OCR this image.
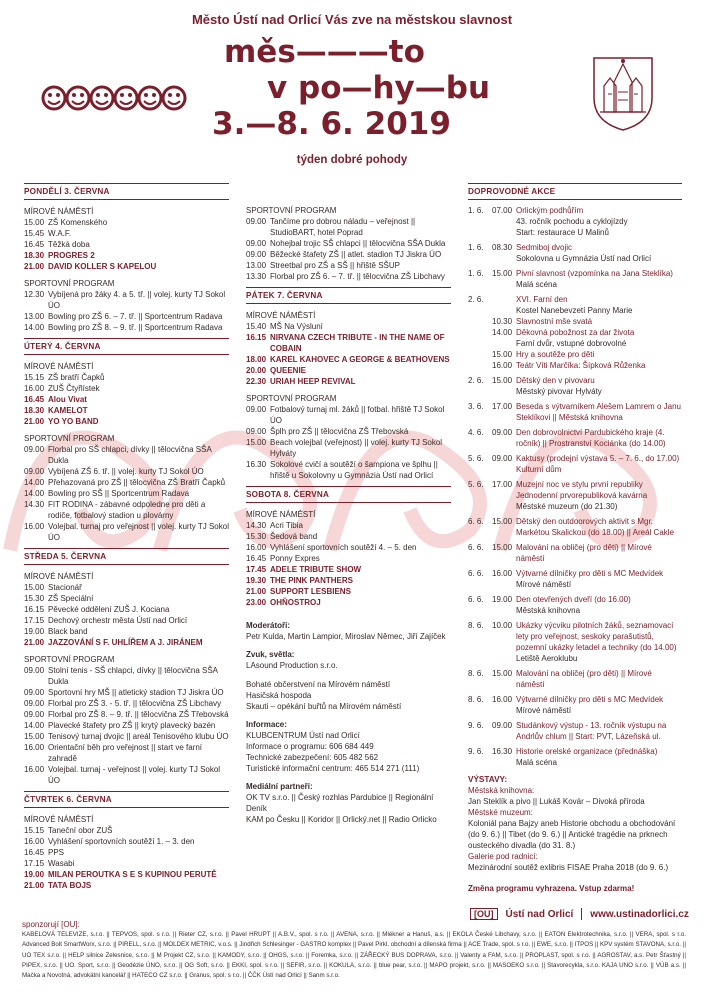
Město Ústí nad Orlicí Vás zve na městskou slavnost
měs———to
v po—hy—bu
3.—8. 6. 2019
týden dobré pohody
PONDĚLÍ 3. ČERVNA
MÍROVÉ NÁMĚSTÍ
15.00 ZŠ Komenského
15.45 W.A.F.
16.45 Těžká doba
18.30 PROGRES 2
21.00 DAVID KOLLER S KAPELOU
SPORTOVNÍ PROGRAM
12.30 Vybíjená pro žáky 4. a 5. tř. || volej. kurty TJ Sokol ÚO
13.00 Bowling pro ZŠ 6. – 7. tř. || Sportcentrum Radava
14.00 Bowling pro ZŠ 8. – 9. tř. || Sportcentrum Radava
ÚTERÝ 4. ČERVNA
MÍROVÉ NÁMĚSTÍ
15.15 ZŠ bratří Čapků
16.00 ZUŠ Čtyřlístek
16.45 Alou Vivat
18.30 KAMELOT
21.00 YO YO BAND
SPORTOVNÍ PROGRAM
09.00 Florbal pro SŠ chlapci, dívky || tělocvična SŠA Dukla
09.00 Vybíjená ZŠ 6. tř. || volej. kurty TJ Sokol ÚO
14.00 Přehazovaná pro ZŠ || tělocvična ZŠ Bratří Čapků
14.00 Bowling pro SŠ || Sportcentrum Radava
14.30 FIT RODINA - zábavné odpoledne pro děti a rodiče, fotbalový stadion u plovárny
16.00 Volejbal. turnaj pro veřejnost || volej. kurty TJ Sokol ÚO
STŘEDA 5. ČERVNA
MÍROVÉ NÁMĚSTÍ
15.00 Stacionář
15.30 ZŠ Speciální
16.15 Pěvecké oddělení ZUŠ J. Kociana
17.15 Dechový orchestr města Ústí nad Orlicí
19.00 Black band
21.00 JAZZOVÁNÍ S F. UHLÍŘEM A J. JIRÁNEM
SPORTOVNÍ PROGRAM
09.00 Stolní tenis - SŠ chlapci, dívky || tělocvična SŠA Dukla
09.00 Sportovní hry MŠ || atletický stadion TJ Jiskra ÚO
09.00 Florbal pro ZŠ 3. - 5. tř. || tělocvična ZŠ Libchavy
09.00 Florbal pro ZŠ 8. – 9. tř. || tělocvična ZŠ Třebovská
14.00 Plavecké štafety pro ZŠ || krytý plavecký bazén
15.00 Tenisový turnaj dvojic || areál Tenisového klubu ÚO
16.00 Orientační běh pro veřejnost || start ve farní zahradě
16.00 Volejbal. turnaj - veřejnost || volej. kurty TJ Sokol ÚO
ČTVRTEK 6. ČERVNA
MÍROVÉ NÁMĚSTÍ
15.15 Taneční obor ZUŠ
16.00 Vyhlášení sportovních soutěží 1. – 3. den
16.45 PPS
17.15 Wasabi
19.00 MILAN PEROUTKA S E S KUPINOU PERUTĚ
21.00 TATA BOJS
SPORTOVNÍ PROGRAM
09.00 Tančíme pro dobrou náladu – veřejnost || StudioBART, hotel Popra​d
09.00 Nohejbal trojic SŠ chlapci || tělocvična SŠA Dukla
09.00 Běžecké štafety ZŠ || atlet. stadion TJ Jiskra ÚO
13.00 Streetbal pro ZŠ a SŠ || hřiště SŠUP
13.30 Florbal pro ZŠ 6. – 7. tř. || tělocvična ZŠ Libchavy
PÁTEK 7. ČERVNA
MÍROVÉ NÁMĚSTÍ
15.40 MŠ Na Výsluní
16.15 NIRVANA CZECH TRIBUTE - IN THE NAME OF COBAIN
18.00 KAREL KAHOVEC A GEORGE & BEATHOVENS
20.00 QUEENIE
22.30 URIAH HEEP REVIVAL
SPORTOVNÍ PROGRAM
09.00 Fotbalový turnaj ml. žáků || fotbal. hřiště TJ Sokol ÚO
09.00 Šplh pro ZŠ || tělocvična ZŠ Třebovská
15.00 Beach volejbal (veřejnost) || volej. kurty TJ Sokol Hylváty
16.30 Sokolové cvičí a soutěží o šampiona ve šplhu || hřiště u Sokolovny u Gymnázia Ústí nad Orlicí
SOBOTA 8. ČERVNA
MÍROVÉ NÁMĚSTÍ
14.30 Acri Tibia
15.30 Šedová band
16.00 Vyhlášení sportovních soutěží 4. – 5. den
16.45 Ponny Expres
17.45 ADELE TRIBUTE SHOW
19.30 THE PINK PANTHERS
21.00 SUPPORT LESBIENS
23.00 OHŇOSTROJ

Moderátoři:

Petr Kulda, Martin Lampior, Miroslav Němec, Jiří Zajíček

Zvuk, světla:

LAsound Production s.r.o.

Bohaté občerstvení na Mírovém náměstí

Hasičská hospoda

Skauti – opékání buřtů na Mírovém náměstí

Informace:

KLUBCENTRUM Ústí nad Orlicí

Informace o programu: 606 684 449

Technické zabezpečení: 605 482 562

Turistické informační centrum: 465 514 271 (111)

Mediální partneři:

OK TV s.r.o. || Český rozhlas Pardubice || Regionální Deník

KAM po Česku || Koridor || Orlický.net || Radio Orlicko

DOPROVODNÉ AKCE
1. 6.	07.00 Orlickým podhůřím
43. ročník pochodu a cyklojízdy
Start: restaurace U Malinů
1. 6.	08.30 Sedmiboj dvojic
Sokolovna u Gymnázia Ústí nad Orlicí
1. 6.	15.00 Pivní slavnost (vzpomínka na Jana Steklíka)
Malá scéna
2. 6.	XVI. Farní den
Kostel Nanebevzetí Panny Marie
10.30 Slavnostní mše svatá
14.00 Děkovná pobožnost za dar života
Farní dvůr, vstupné dobrovolné
15.00 Hry a soutěže pro děti
16.00 Teátr Víti Marčíka: Šípková Růženka
2. 6.	15.00 Dětský den v pivovaru
Městský pivovar Hylváty
3. 6.	17.00 Beseda s výtvarníkem Alešem Lamrem o Janu Steklíkovi || Městská knihovna
4. 6.	09.00 Den dobrovolnictví Pardubického kraje (4. ročník) || Prostranství Kociánka (do 14.00)
5. 6.	09.00 Kaktusy (prodejní výstava 5. – 7. 6., do 17.00) Kulturní dům
5. 6.	17.00 Muzejní noc ve stylu první republiky Jednodenní prvorepubliková kavárna
Městské muzeum (do 21.30)
6. 6.	15.00 Dětský den outdoorových aktivit s Mgr. Markétou Skalickou (do 18.00) || Areál Cakle
6. 6.	15.00 Malování na obličej (pro děti) || Mírové náměstí
6. 6.	16.00 Výtvarné dílničky pro děti s MC Medvídek
Mírové náměstí
6. 6.	19.00 Den otevřených dveří (do 16.00)
Městská knihovna
8. 6.	10.00 Ukázky výcviku pilotních žáků, seznamovací lety pro veřejnost, seskoky parašutistů, pozemní ukázky letadel a techniky (do 14.00)
Letiště Aeroklubu
8. 6.	15.00 Malování na obličej (pro děti) || Mírové náměstí
8. 6.	16.00 Výtvarné dílničky pro děti s MC Medvídek
Mírové náměstí
9. 6.	09.00 Studánkový výstup - 13. ročník výstupu na Andrlův chlum || Start: PVT, Lázeňská ul.
9. 6.	16.30 Historie orelské organizace (přednáška)
Malá scéna
VÝSTAVY:

Městská knihovna:

Jan Steklík a pivo || Lukáš Kovár – Divoká příroda

Městské muzeum:

Koloniál pana Bajzy aneb Historie obchodu a obchodování (do 9. 6.) || Tibet (do 9. 6.) || Antické tragédie na prknech ousteckého divadla (do 31. 8.)

Galerie pod radnicí:

Mezinárodní soutěž exlibris FISAE Praha 2018 (do 9. 6.)

Změna programu vyhrazena. Vstup zdarma!
[OU]	Ústí nad Orlicí www.ustinadorlici.cz
sponzorují [OU]:
KABELOVÁ TELEVIZE, s.r.o. || TEPVOS, spol. s r.o. || Rieter CZ, s.r.o. || Pavel HRUPT || A.B.V., spol. s r.o. || AVENA, s.r.o. || Mlékner a Hanuš, a.s. || EKOLA České Libchavy, s.r.o. || EATON Elektrotechnika, s.r.o. || VERA, spol. s r.o. Advanced Bolt SmartWorx, s.r.o. || PIRELL, s.r.o. || MOLDEX METRIC, v.o.s. || Jindřich Schlesinger - GASTRO komplex || Pavel Pirkl, obchodní a dílenská firma || ACE Trade, spol. s r.o. || EWE, s.r.o. || ITPOS || KPV systém STAVONA, s.r.o. || UO TEX s.r.o. || HELP silnice Zelesnice, s.r.o. || M Projekt CZ, s.r.o. || KAMODY, s.r.o. || OHGS, s.r.o. || Foremka, s.r.o. || ZÁŘECKÝ BUS DOPRAVA, s.r.o. || Valenty a FAM, s.r.o. || PROPLAST, spol. s r.o. || AGROSTAV, a.s. Petr Šťastný || PIPEX, s.r.o. || UO. Sport, s.r.o. || Geodézie ÚNO, s.r.o. || OG Soft, s.r.o. || EKKI, spol. s r.o. || SEFIR, s.r.o. || KOKULA, s.r.o. || blue pear, s.r.o. || MAPO projekt, s.r.o. || MASOEKO s.r.o. || Stavorecykla, s.r.o. KAJA UNO s.r.o. || VÚB a.s. || Mačka a Novotná, advokátní kancelář || HATECO CZ s.r.o. || Granus, spol. s r.o. || ČČK Ústí nad Orlicí || Sanm s.r.o.
